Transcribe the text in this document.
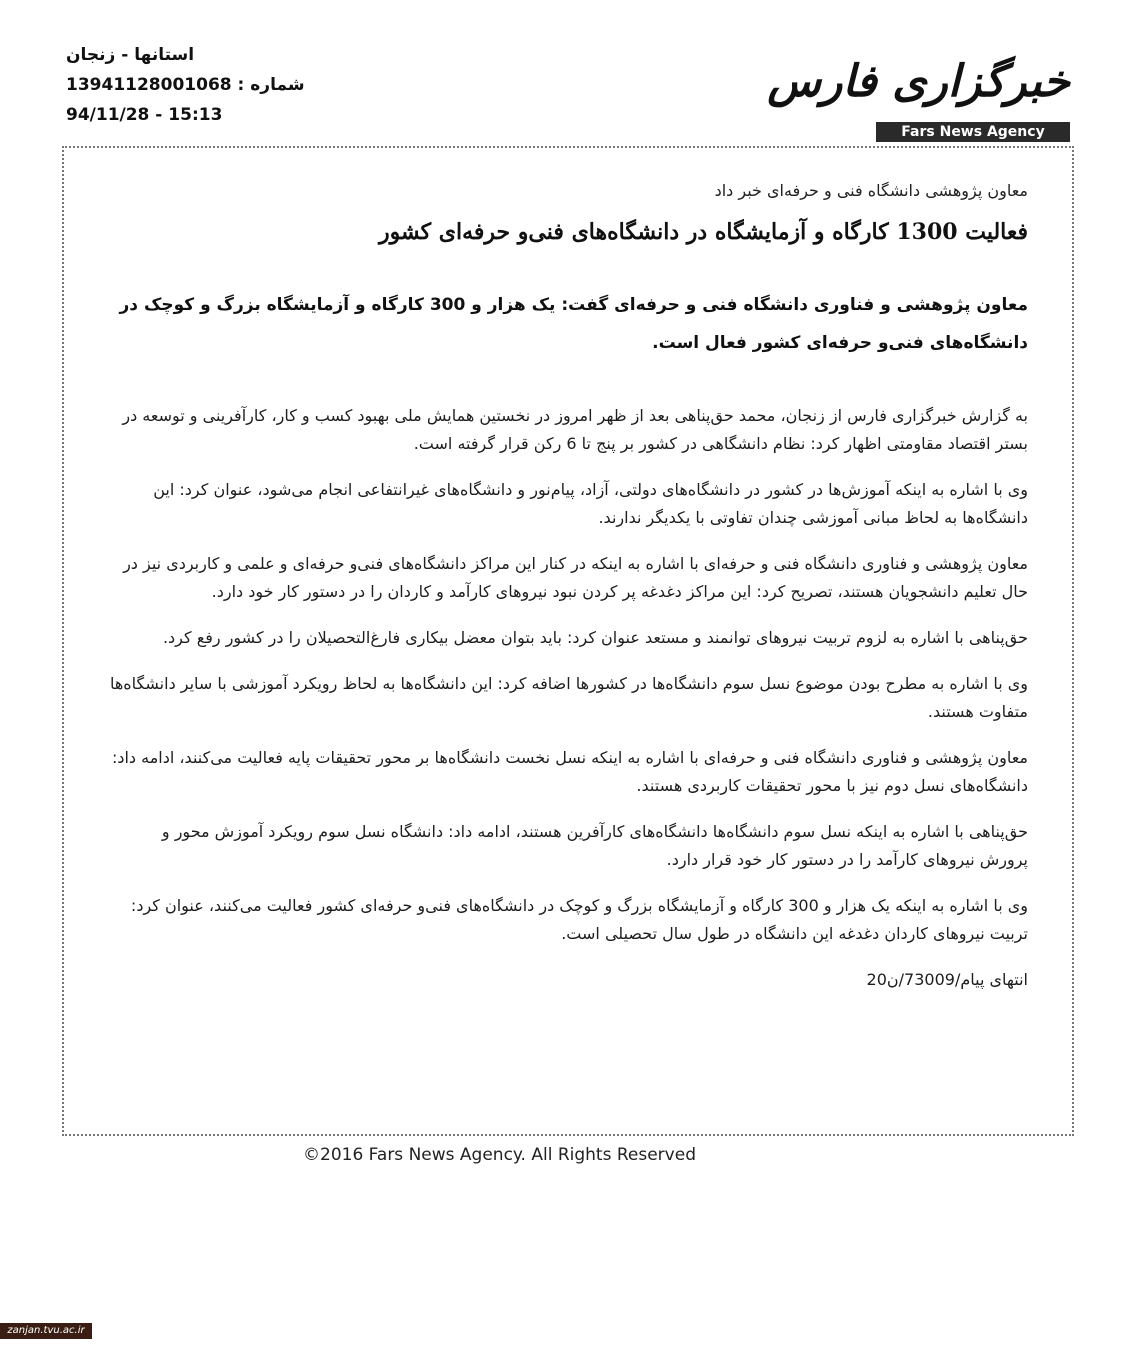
استانها - زنجان
شماره : 13941128001068
94/11/28 - 15:13
خبرگزاری فارس
Fars News Agency

معاون پژوهشی دانشگاه فنی و حرفه‌ای خبر داد

فعالیت 1300 کارگاه و آزمایشگاه در دانشگاه‌های فنی‌و حرفه‌ای کشور

معاون پژوهشی و فناوری دانشگاه فنی و حرفه‌ای گفت: یک هزار و 300 کارگاه و آزمایشگاه بزرگ و کوچک در دانشگاه‌های فنی‌و حرفه‌ای کشور فعال است.

به گزارش خبرگزاری فارس از زنجان، محمد حق‌پناهی بعد از ظهر امروز در نخستین همایش ملی بهبود کسب و کار، کارآفرینی و توسعه در بستر اقتصاد مقاومتی اظهار کرد: نظام دانشگاهی در کشور بر پنج تا 6 رکن قرار گرفته است.

وی با اشاره به اینکه آموزش‌ها در کشور در دانشگاه‌های دولتی، آزاد، پیام‌نور و دانشگاه‌های غیرانتفاعی انجام می‌شود، عنوان کرد: این دانشگاه‌ها به لحاظ مبانی آموزشی چندان تفاوتی با یکدیگر ندارند.

معاون پژوهشی و فناوری دانشگاه فنی و حرفه‌ای با اشاره به اینکه در کنار این مراکز دانشگاه‌های فنی‌و حرفه‌ای و علمی و کاربردی نیز در حال تعلیم دانشجویان هستند، تصریح کرد: این مراکز دغدغه پر کردن نبود نیروهای کارآمد و کاردان را در دستور کار خود دارد.

حق‌پناهی با اشاره به لزوم تربیت نیروهای توانمند و مستعد عنوان کرد: باید بتوان معضل بیکاری فارغ‌التحصیلان را در کشور رفع کرد.

وی با اشاره به مطرح بودن موضوع نسل سوم دانشگاه‌ها در کشورها اضافه کرد: این دانشگاه‌ها به لحاظ رویکرد آموزشی با سایر دانشگاه‌ها متفاوت هستند.

معاون پژوهشی و فناوری دانشگاه فنی و حرفه‌ای با اشاره به اینکه نسل نخست دانشگاه‌ها بر محور تحقیقات پایه فعالیت می‌کنند، ادامه داد: دانشگاه‌های نسل دوم نیز با محور تحقیقات کاربردی هستند.

حق‌پناهی با اشاره به اینکه نسل سوم دانشگاه‌ها دانشگاه‌های کارآفرین هستند، ادامه داد: دانشگاه نسل سوم رویکرد آموزش محور و پرورش نیروهای کارآمد را در دستور کار خود قرار دارد.

وی با اشاره به اینکه یک هزار و 300 کارگاه و آزمایشگاه بزرگ و کوچک در دانشگاه‌های فنی‌و حرفه‌ای کشور فعالیت می‌کنند، عنوان کرد: تربیت نیروهای کاردان دغدغه این دانشگاه در طول سال تحصیلی است.

انتهای پیام/73009/ن20

©2016 Fars News Agency. All Rights Reserved
zanjan.tvu.ac.ir
